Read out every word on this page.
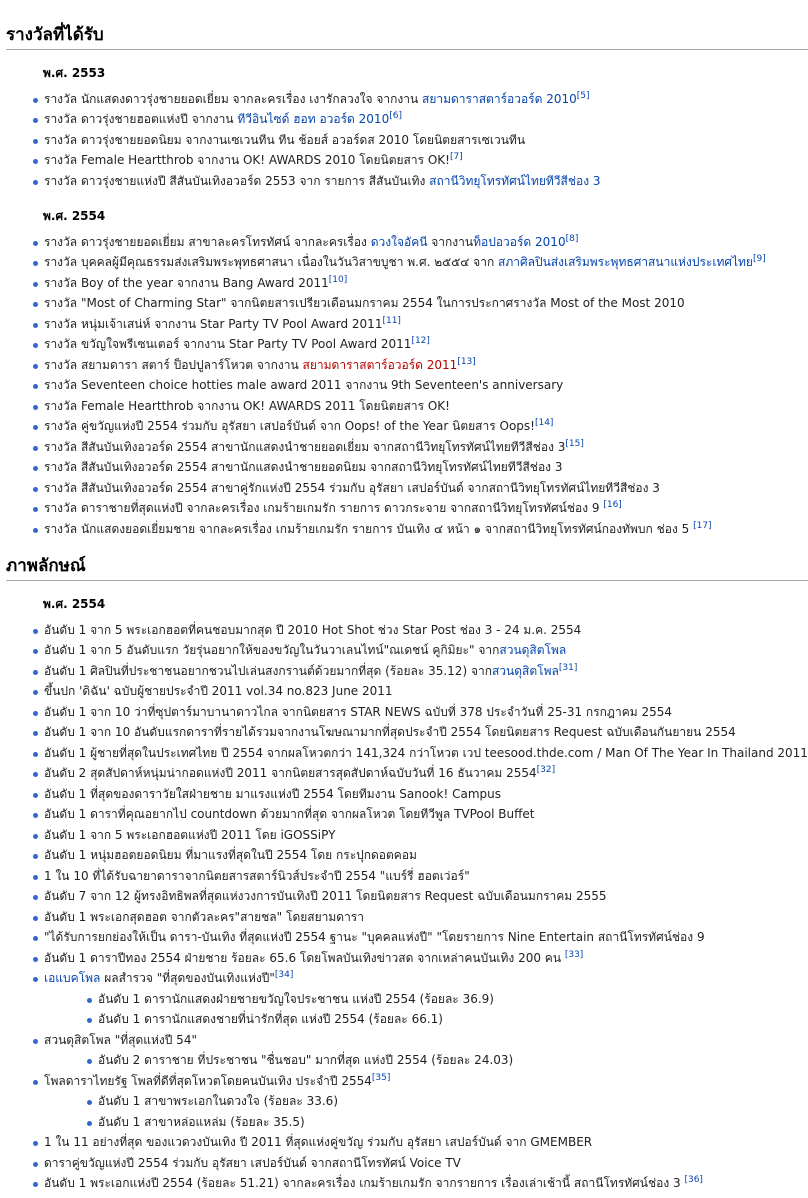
รางวัลที่ได้รับ
พ.ศ. 2553
รางวัล นักแสดงดาวรุ่งชายยอดเยี่ยม จากละครเรื่อง เงารักลวงใจ จากงาน สยามดาราสตาร์อวอร์ด 2010[5]
รางวัล ดาวรุ่งชายฮอตแห่งปี จากงาน ทีวีอินไซด์ ฮอท อวอร์ด 2010[6]
รางวัล ดาวรุ่งชายยอดนิยม จากงานเซเวนทีน ทีน ช้อยส์ อวอร์ดส 2010 โดยนิตยสารเซเวนทีน
รางวัล Female Heartthrob จากงาน OK! AWARDS 2010 โดยนิตยสาร OK![7]
รางวัล ดาวรุ่งชายแห่งปี สีสันบันเทิงอวอร์ด 2553 จาก รายการ สีสันบันเทิง สถานีวิทยุโทรทัศน์ไทยทีวีสีช่อง 3
พ.ศ. 2554
รางวัล ดาวรุ่งชายยอดเยี่ยม สาขาละครโทรทัศน์ จากละครเรื่อง ดวงใจอัคนี จากงานท็อปอวอร์ด 2010[8]
รางวัล บุคคลผู้มีคุณธรรมส่งเสริมพระพุทธศาสนา เนื่องในวันวิสาขบูชา พ.ศ. ๒๕๕๔ จาก สภาศิลปินส่งเสริมพระพุทธศาสนาแห่งประเทศไทย[9]
รางวัล Boy of the year จากงาน Bang Award 2011[10]
รางวัล "Most of Charming Star" จากนิตยสารเปรียวเดือนมกราคม 2554 ในการประกาศรางวัล Most of the Most 2010
รางวัล หนุ่มเจ้าเสน่ห์ จากงาน Star Party TV Pool Award 2011[11]
รางวัล ขวัญใจพรีเซนเตอร์ จากงาน Star Party TV Pool Award 2011[12]
รางวัล สยามดารา สตาร์ ป็อปปูลาร์โหวต จากงาน สยามดาราสตาร์อวอร์ด 2011[13]
รางวัล Seventeen choice hotties male award 2011 จากงาน 9th Seventeen's anniversary
รางวัล Female Heartthrob จากงาน OK! AWARDS 2011 โดยนิตยสาร OK!
รางวัล คู่ขวัญแห่งปี 2554 ร่วมกับ อุรัสยา เสปอร์บันด์ จาก Oops! of the Year นิตยสาร Oops![14]
รางวัล สีสันบันเทิงอวอร์ด 2554 สาขานักแสดงนำชายยอดเยี่ยม จากสถานีวิทยุโทรทัศน์ไทยทีวีสีช่อง 3[15]
รางวัล สีสันบันเทิงอวอร์ด 2554 สาขานักแสดงนำชายยอดนิยม จากสถานีวิทยุโทรทัศน์ไทยทีวีสีช่อง 3
รางวัล สีสันบันเทิงอวอร์ด 2554 สาขาคู่รักแห่งปี 2554 ร่วมกับ อุรัสยา เสปอร์บันด์ จากสถานีวิทยุโทรทัศน์ไทยทีวีสีช่อง 3
รางวัล ดาราชายที่สุดแห่งปี จากละครเรื่อง เกมร้ายเกมรัก รายการ ดาวกระจาย จากสถานีวิทยุโทรทัศน์ช่อง 9 [16]
รางวัล นักแสดงยอดเยี่ยมชาย จากละครเรื่อง เกมร้ายเกมรัก รายการ บันเทิง ๔ หน้า ๑ จากสถานีวิทยุโทรทัศน์กองทัพบก ช่อง 5 [17]
ภาพลักษณ์
พ.ศ. 2554
อันดับ 1 จาก 5 พระเอกฮอตที่คนชอบมากสุด ปี 2010 Hot Shot ช่วง Star Post ช่อง 3 - 24 ม.ค. 2554
อันดับ 1 จาก 5 อันดับแรก วัยรุ่นอยากให้ของขวัญในวันวาเลนไทน์"ณเดชน์ คูกิมิยะ" จากสวนดุสิตโพล
อันดับ 1 ศิลปินที่ประชาชนอยากชวนไปเล่นสงกรานต์ด้วยมากที่สุด (ร้อยละ 35.12) จากสวนดุสิตโพล[31]
ขึ้นปก 'ดิฉัน' ฉบับผู้ชายประจำปี 2011 vol.34 no.823 June 2011
อันดับ 1 จาก 10 ว่าที่ซุปตาร์มาบานาดาวไกล จากนิตยสาร STAR NEWS ฉบับที่ 378 ประจำวันที่ 25-31 กรกฎาคม 2554
อันดับ 1 จาก 10 อันดับแรกดาราที่รายได้รวมจากงานโฆษณามากที่สุดประจำปี 2554 โดยนิตยสาร Request ฉบับเดือนกันยายน 2554
อันดับ 1 ผู้ชายที่สุดในประเทศไทย ปี 2554 จากผลโหวตกว่า 141,324 กว่าโหวต เวป teesood.thde.com / Man Of The Year In Thailand 2011
อันดับ 2 สุดสัปดาห์หนุ่มน่ากอดแห่งปี 2011 จากนิตยสารสุดสัปดาห์ฉบับวันที่ 16 ธันวาคม 2554[32]
อันดับ 1 ที่สุดของดาราวัยใสฝ่ายชาย มาแรงแห่งปี 2554 โดยทีมงาน Sanook! Campus
อันดับ 1 ดาราที่คุณอยากไป countdown ด้วยมากที่สุด จากผลโหวต โดยทีวีพูล TVPool Buffet
อันดับ 1 จาก 5 พระเอกฮอตแห่งปี 2011 โดย iGOSSiPY
อันดับ 1 หนุ่มฮอตยอดนิยม ที่มาแรงที่สุดในปี 2554 โดย กระปุกดอตคอม
1 ใน 10 ที่ได้รับฉายาดาราจากนิตยสารสตาร์นิวส์ประจำปี 2554 "แบร์รี่ ฮอตเว่อร์"
อันดับ 7 จาก 12 ผู้ทรงอิทธิพลที่สุดแห่งวงการบันเทิงปี 2011 โดยนิตยสาร Request ฉบับเดือนมกราคม 2555
อันดับ 1 พระเอกสุดฮอต จากตัวละคร"สายชล" โดยสยามดารา
"ได้รับการยกย่องให้เป็น ดารา-บันเทิง ที่สุดแห่งปี 2554 ฐานะ "บุคคลแห่งปี" "โดยรายการ Nine Entertain สถานีโทรทัศน์ช่อง 9
อันดับ 1 ดาราปีทอง 2554 ฝ่ายชาย ร้อยละ 65.6 โดยโพลบันเทิงข่าวสด จากเหล่าคนบันเทิง 200 คน [33]
เอแบคโพล ผลสำรวจ "ที่สุดของบันเทิงแห่งปี"[34]
อันดับ 1 ดารานักแสดงฝ่ายชายขวัญใจประชาชน แห่งปี 2554 (ร้อยละ 36.9)
อันดับ 1 ดารานักแสดงชายที่น่ารักที่สุด แห่งปี 2554 (ร้อยละ 66.1)
สวนดุสิตโพล "ที่สุดแห่งปี 54"
อันดับ 2 ดาราชาย ที่ประชาชน "ชื่นชอบ" มากที่สุด แห่งปี 2554 (ร้อยละ 24.03)
โพลดาราไทยรัฐ โพลที่ดีที่สุดโหวตโดยคนบันเทิง ประจำปี 2554[35]
อันดับ 1 สาขาพระเอกในดวงใจ (ร้อยละ 33.6)
อันดับ 1 สาขาหล่อแหล่ม (ร้อยละ 35.5)
1 ใน 11 อย่างที่สุด ของแวดวงบันเทิง ปี 2011 ที่สุดแห่งคู่ขวัญ ร่วมกับ อุรัสยา เสปอร์บันด์ จาก GMEMBER
ดาราคู่ขวัญแห่งปี 2554 ร่วมกับ อุรัสยา เสปอร์บันด์ จากสถานีโทรทัศน์ Voice TV
อันดับ 1 พระเอกแห่งปี 2554 (ร้อยละ 51.21) จากละครเรื่อง เกมร้ายเกมรัก จากรายการ เรื่องเล่าเช้านี้ สถานีโทรทัศน์ช่อง 3 [36]
